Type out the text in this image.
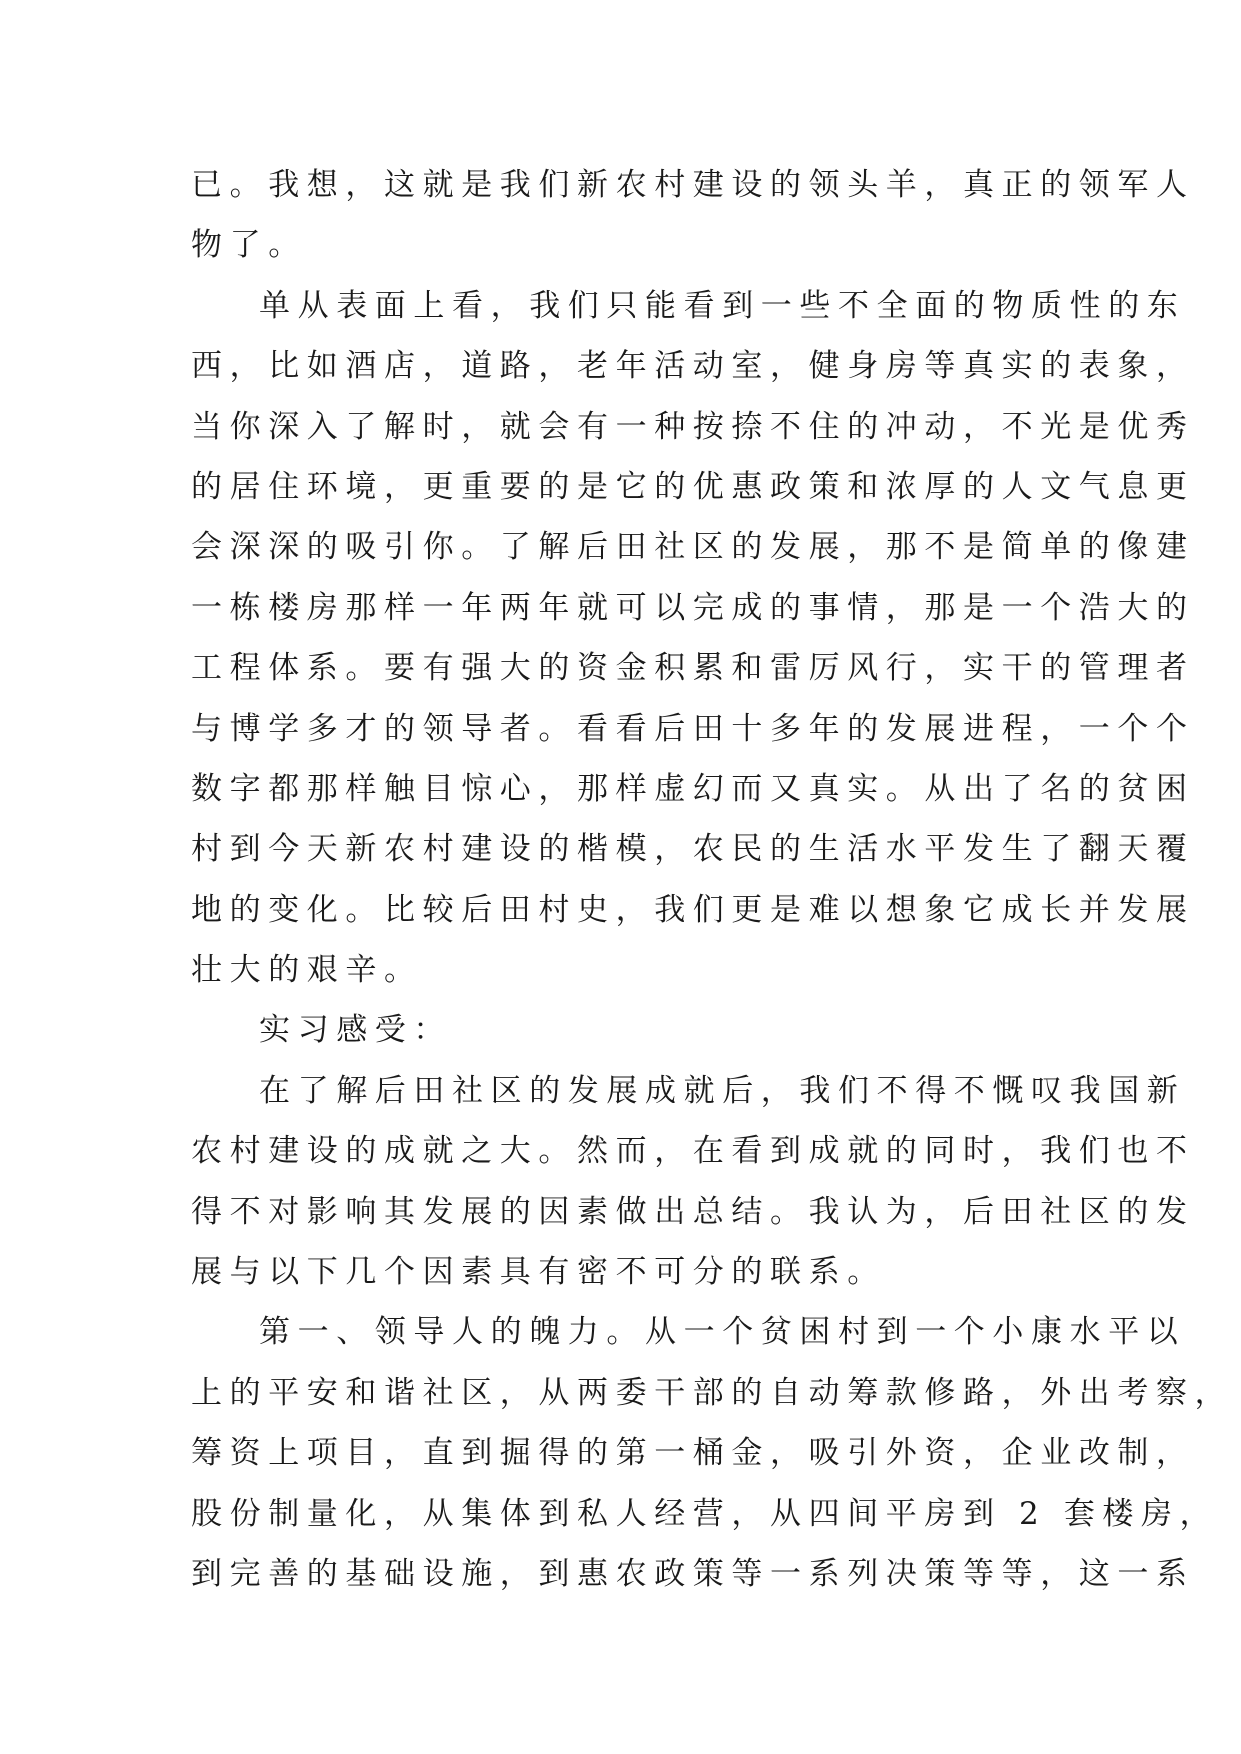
已。我想，这就是我们新农村建设的领头羊，真正的领军人
物了。
单从表面上看，我们只能看到一些不全面的物质性的东
西，比如酒店，道路，老年活动室，健身房等真实的表象，
当你深入了解时，就会有一种按捺不住的冲动，不光是优秀
的居住环境，更重要的是它的优惠政策和浓厚的人文气息更
会深深的吸引你。了解后田社区的发展，那不是简单的像建
一栋楼房那样一年两年就可以完成的事情，那是一个浩大的
工程体系。要有强大的资金积累和雷厉风行，实干的管理者
与博学多才的领导者。看看后田十多年的发展进程，一个个
数字都那样触目惊心，那样虚幻而又真实。从出了名的贫困
村到今天新农村建设的楷模，农民的生活水平发生了翻天覆
地的变化。比较后田村史，我们更是难以想象它成长并发展
壮大的艰辛。
实习感受：
在了解后田社区的发展成就后，我们不得不慨叹我国新
农村建设的成就之大。然而，在看到成就的同时，我们也不
得不对影响其发展的因素做出总结。我认为，后田社区的发
展与以下几个因素具有密不可分的联系。
第一、领导人的魄力。从一个贫困村到一个小康水平以
上的平安和谐社区，从两委干部的自动筹款修路，外出考察，
筹资上项目，直到掘得的第一桶金，吸引外资，企业改制，
股份制量化，从集体到私人经营，从四间平房到 2 套楼房，
到完善的基础设施，到惠农政策等一系列决策等等，这一系
